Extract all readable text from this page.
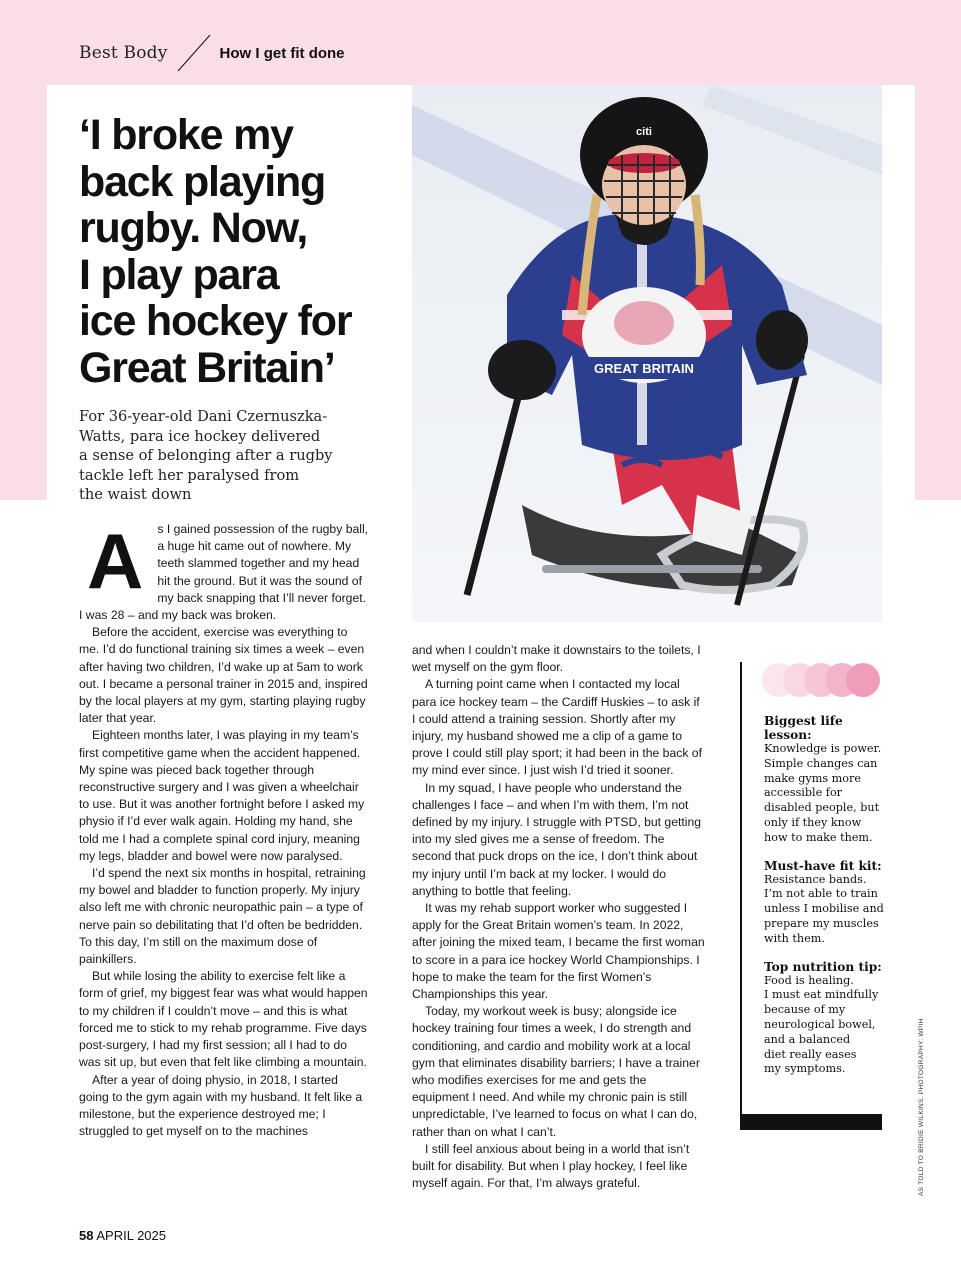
Best Body	How I get fit done
‘I broke my
back playing
rugby. Now,
I play para
ice hockey for
Great Britain’
For 36-year-old Dani Czernuszka-
Watts, para ice hockey delivered
a sense of belonging after a rugby
tackle left her paralysed from
the waist down
GREAT BRITAIN
citi
A	s I gained possession of the rugby ball, a huge hit came out of nowhere. My teeth slammed together and my head hit the ground. But it was the sound of my back snapping that I’ll never forget. I was 28 – and my back was broken.

Before the accident, exercise was everything to me. I’d do functional training six times a week – even after having two children, I’d wake up at 5am to work out. I became a personal trainer in 2015 and, inspired by the local players at my gym, starting playing rugby later that year.

Eighteen months later, I was playing in my team’s first competitive game when the accident happened. My spine was pieced back together through reconstructive surgery and I was given a wheelchair to use. But it was another fortnight before I asked my physio if I’d ever walk again. Holding my hand, she told me I had a complete spinal cord injury, meaning my legs, bladder and bowel were now paralysed.

I’d spend the next six months in hospital, retraining my bowel and bladder to function properly. My injury also left me with chronic neuropathic pain – a type of nerve pain so debilitating that I’d often be bedridden. To this day, I’m still on the maximum dose of painkillers.

But while losing the ability to exercise felt like a form of grief, my biggest fear was what would happen to my children if I couldn’t move – and this is what forced me to stick to my rehab programme. Five days post-surgery, I had my first session; all I had to do was sit up, but even that felt like climbing a mountain.

After a year of doing physio, in 2018, I started going to the gym again with my husband. It felt like a milestone, but the experience destroyed me; I struggled to get myself on to the machines

and when I couldn’t make it downstairs to the toilets, I wet myself on the gym floor.

A turning point came when I contacted my local para ice hockey team – the Cardiff Huskies – to ask if I could attend a training session. Shortly after my injury, my husband showed me a clip of a game to prove I could still play sport; it had been in the back of my mind ever since. I just wish I’d tried it sooner.

In my squad, I have people who understand the challenges I face – and when I’m with them, I’m not defined by my injury. I struggle with PTSD, but getting into my sled gives me a sense of freedom. The second that puck drops on the ice, I don’t think about my injury until I’m back at my locker. I would do anything to bottle that feeling.

It was my rehab support worker who suggested I apply for the Great Britain women’s team. In 2022, after joining the mixed team, I became the first woman to score in a para ice hockey World Championships. I hope to make the team for the first Women’s Championships this year.

Today, my workout week is busy; alongside ice hockey training four times a week, I do strength and conditioning, and cardio and mobility work at a local gym that eliminates disability barriers; I have a trainer who modifies exercises for me and gets the equipment I need. And while my chronic pain is still unpredictable, I’ve learned to focus on what I can do, rather than on what I can’t.

I still feel anxious about being in a world that isn’t built for disability. But when I play hockey, I feel like myself again. For that, I’m always grateful.

Biggest life lesson:
Knowledge is power.
Simple changes can
make gyms more
accessible for
disabled people, but
only if they know
how to make them.
Must-have fit kit:
Resistance bands.
I’m not able to train
unless I mobilise and
prepare my muscles
with them.
Top nutrition tip:
Food is healing.
I must eat mindfully
because of my
neurological bowel,
and a balanced
diet really eases
my symptoms.	AS TOLD TO BRIDIE WILKINS. PHOTOGRAPHY: WPIH
58 APRIL 2025
